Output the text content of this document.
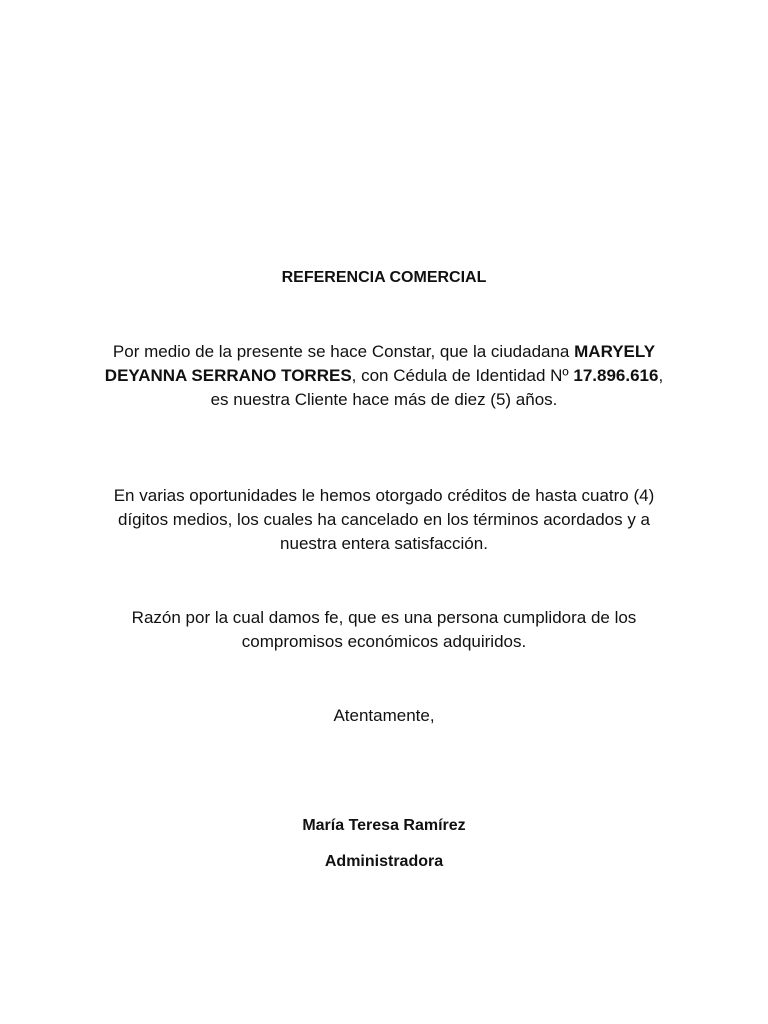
REFERENCIA COMERCIAL
Por medio de la presente se hace Constar, que la ciudadana MARYELY DEYANNA SERRANO TORRES, con Cédula de Identidad Nº 17.896.616, es nuestra Cliente hace más de diez (5) años.
En varias oportunidades le hemos otorgado créditos de hasta cuatro (4) dígitos medios, los cuales ha cancelado en los términos acordados y a nuestra entera satisfacción.
Razón por la cual damos fe, que es una persona cumplidora de los compromisos económicos adquiridos.
Atentamente,
María Teresa Ramírez
Administradora
